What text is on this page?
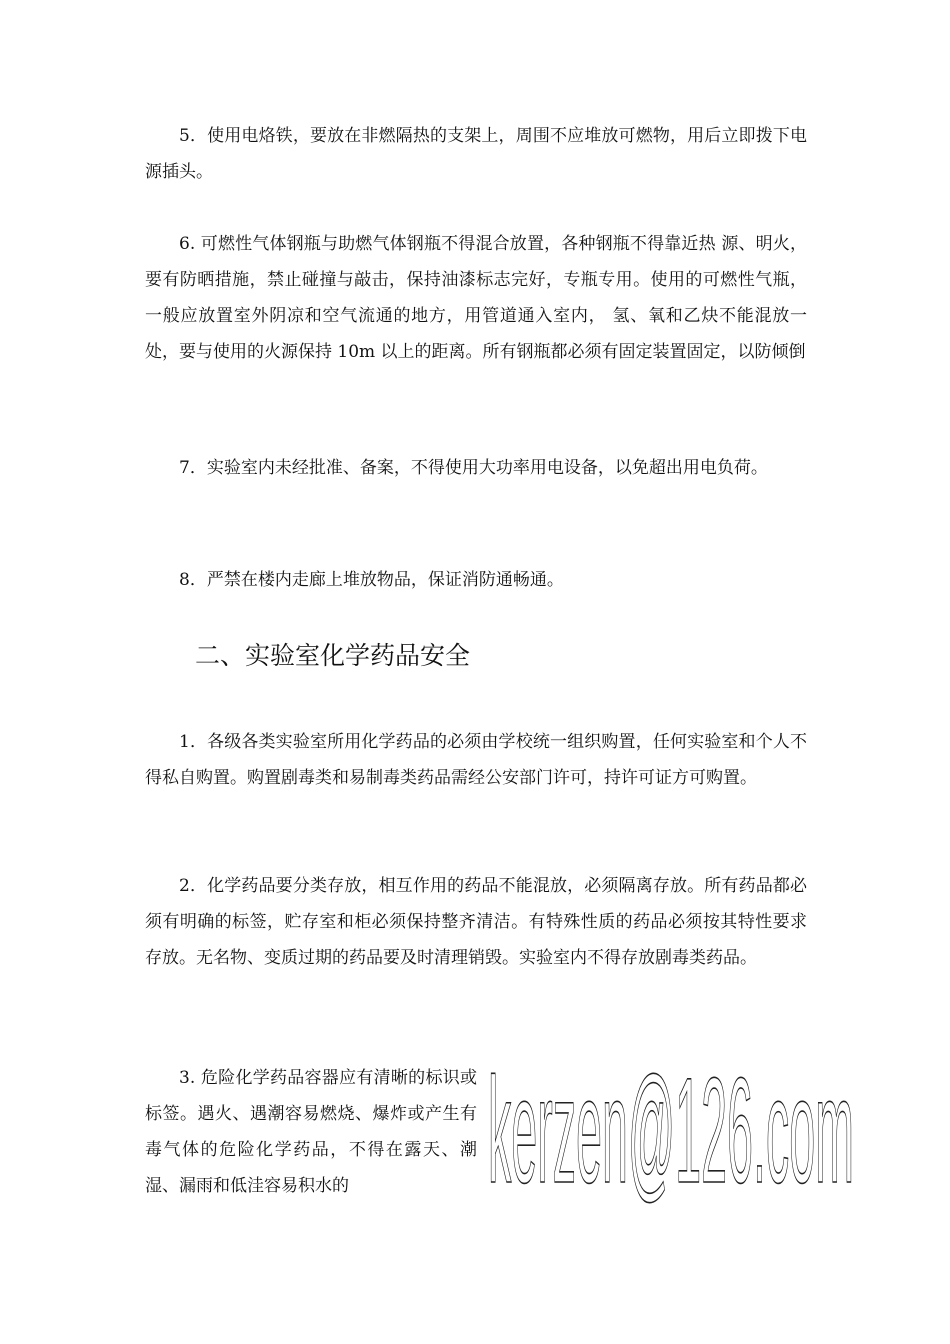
5．使用电烙铁，要放在非燃隔热的支架上，周围不应堆放可燃物，用后立即拨下电源插头。

6. 可燃性气体钢瓶与助燃气体钢瓶不得混合放置，各种钢瓶不得靠近热 源、明火，要有防晒措施，禁止碰撞与敲击，保持油漆标志完好，专瓶专用。使用的可燃性气瓶，一般应放置室外阴凉和空气流通的地方，用管道通入室内， 氢、氧和乙炔不能混放一处，要与使用的火源保持 10m 以上的距离。所有钢瓶都必须有固定装置固定，以防倾倒

7．实验室内未经批准、备案，不得使用大功率用电设备，以免超出用电负荷。

8．严禁在楼内走廊上堆放物品，保证消防通畅通。

二、实验室化学药品安全

1．各级各类实验室所用化学药品的必须由学校统一组织购置，任何实验室和个人不得私自购置。购置剧毒类和易制毒类药品需经公安部门许可，持许可证方可购置。

2．化学药品要分类存放，相互作用的药品不能混放，必须隔离存放。所有药品都必须有明确的标签，贮存室和柜必须保持整齐清洁。有特殊性质的药品必须按其特性要求存放。无名物、变质过期的药品要及时清理销毁。实验室内不得存放剧毒类药品。

3. 危险化学药品容器应有清晰的标识或标签。遇火、遇潮容易燃烧、爆炸或产生有毒气体的危险化学药品，不得在露天、潮湿、漏雨和低洼容易积水的 kerzen@126.com
